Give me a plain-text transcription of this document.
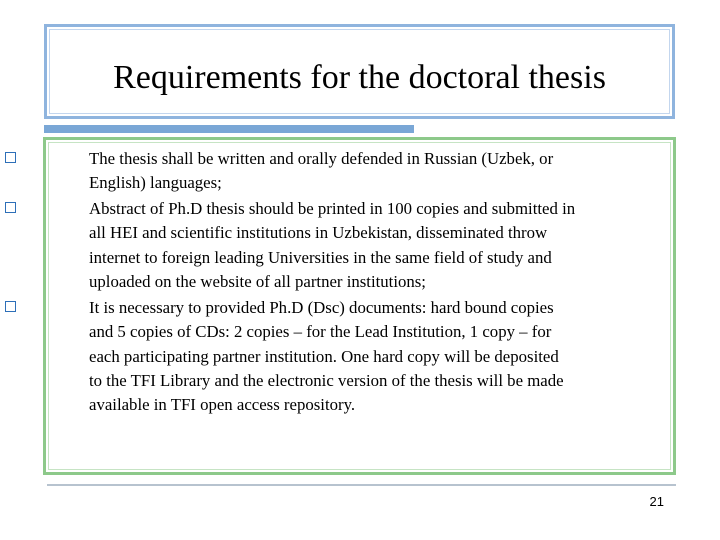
Requirements for the doctoral thesis
The thesis shall be written and orally defended in Russian (Uzbek, or
English) languages;
Abstract of Ph.D thesis should be printed in 100 copies and submitted in
all HEI and scientific institutions in Uzbekistan, disseminated throw
internet to foreign leading Universities in the same field of study and
uploaded on the website of all partner institutions;
It is necessary to provided Ph.D (Dsc) documents: hard bound copies
and 5 copies of CDs: 2 copies – for the Lead Institution, 1 copy – for
each participating partner institution. One hard copy will be deposited
to the TFI Library and the electronic version of the thesis will be made
available in TFI open access repository.
21
